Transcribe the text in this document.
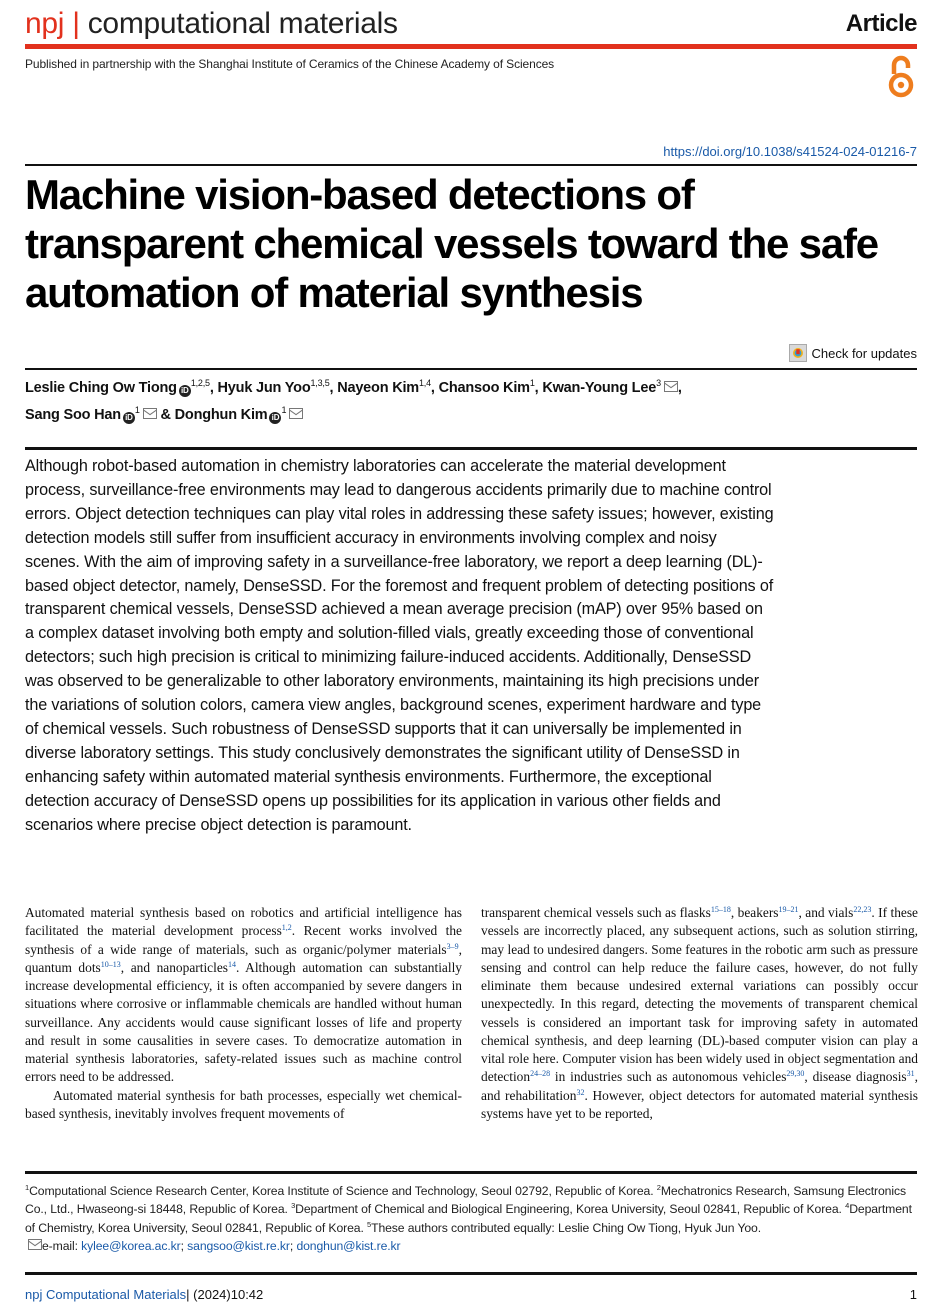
npj | computational materials	Article
Published in partnership with the Shanghai Institute of Ceramics of the Chinese Academy of Sciences
https://doi.org/10.1038/s41524-024-01216-7
Machine vision-based detections of transparent chemical vessels toward the safe automation of material synthesis
Check for updates
Leslie Ching Ow Tiong iD$^{1,2,5}$, Hyuk Jun Yoo$^{1,3,5}$, Nayeon Kim$^{1,4}$, Chansoo Kim$^1$, Kwan-Young Lee$^3$ ,
Sang Soo Han $iD^1$ & Donghun Kim $iD^1$

Although robot-based automation in chemistry laboratories can accelerate the material development process, surveillance-free environments may lead to dangerous accidents primarily due to machine control errors. Object detection techniques can play vital roles in addressing these safety issues; however, existing detection models still suffer from insufficient accuracy in environments involving complex and noisy scenes. With the aim of improving safety in a surveillance-free laboratory, we report a deep learning (DL)-based object detector, namely, DenseSSD. For the foremost and frequent problem of detecting positions of transparent chemical vessels, DenseSSD achieved a mean average precision (mAP) over 95% based on a complex dataset involving both empty and solution-filled vials, greatly exceeding those of conventional detectors; such high precision is critical to minimizing failure-induced accidents. Additionally, DenseSSD was observed to be generalizable to other laboratory environments, maintaining its high precisions under the variations of solution colors, camera view angles, background scenes, experiment hardware and type of chemical vessels. Such robustness of DenseSSD supports that it can universally be implemented in diverse laboratory settings. This study conclusively demonstrates the significant utility of DenseSSD in enhancing safety within automated material synthesis environments. Furthermore, the exceptional detection accuracy of DenseSSD opens up possibilities for its application in various other fields and scenarios where precise object detection is paramount.

Automated material synthesis based on robotics and artificial intelligence has facilitated the material development process$^{1,2}$. Recent works involved the synthesis of a wide range of materials, such as organic/polymer materials$^{3-9}$, quantum dots$^{10-13}$, and nanoparticles$^{14}$. Although automation can substantially increase developmental efficiency, it is often accompanied by severe dangers in situations where corrosive or inflammable chemicals are handled without human surveillance. Any accidents would cause significant losses of life and property and result in some causalities in severe cases. To democratize automation in material synthesis laboratories, safety-related issues such as machine control errors need to be addressed.

Automated material synthesis for bath processes, especially wet chemical-based synthesis, inevitably involves frequent movements of

transparent chemical vessels such as flasks$^{15-18}$, beakers$^{19-21}$, and vials$^{22,23}$. If these vessels are incorrectly placed, any subsequent actions, such as solution stirring, may lead to undesired dangers. Some features in the robotic arm such as pressure sensing and control can help reduce the failure cases, however, do not fully eliminate them because undesired external variations can possibly occur unexpectedly. In this regard, detecting the movements of transparent chemical vessels is considered an important task for improving safety in automated chemical synthesis, and deep learning (DL)-based computer vision can play a vital role here. Computer vision has been widely used in object segmentation and detection$^{24-28}$ in industries such as autonomous vehicles$^{29,30}$, disease diagnosis$^{31}$, and rehabilitation$^{32}$. However, object detectors for automated material synthesis systems have yet to be reported,

$^1$Computational Science Research Center, Korea Institute of Science and Technology, Seoul 02792, Republic of Korea. $^2$Mechatronics Research, Samsung Electronics Co., Ltd., Hwaseong-si 18448, Republic of Korea. $^3$Department of Chemical and Biological Engineering, Korea University, Seoul 02841, Republic of Korea. $^4$Department of Chemistry, Korea University, Seoul 02841, Republic of Korea. $^5$These authors contributed equally: Leslie Ching Ow Tiong, Hyuk Jun Yoo.
e-mail: kylee@korea.ac.kr; sangsoo@kist.re.kr; donghun@kist.re.kr
npj Computational Materials| (2024)10:42	1
